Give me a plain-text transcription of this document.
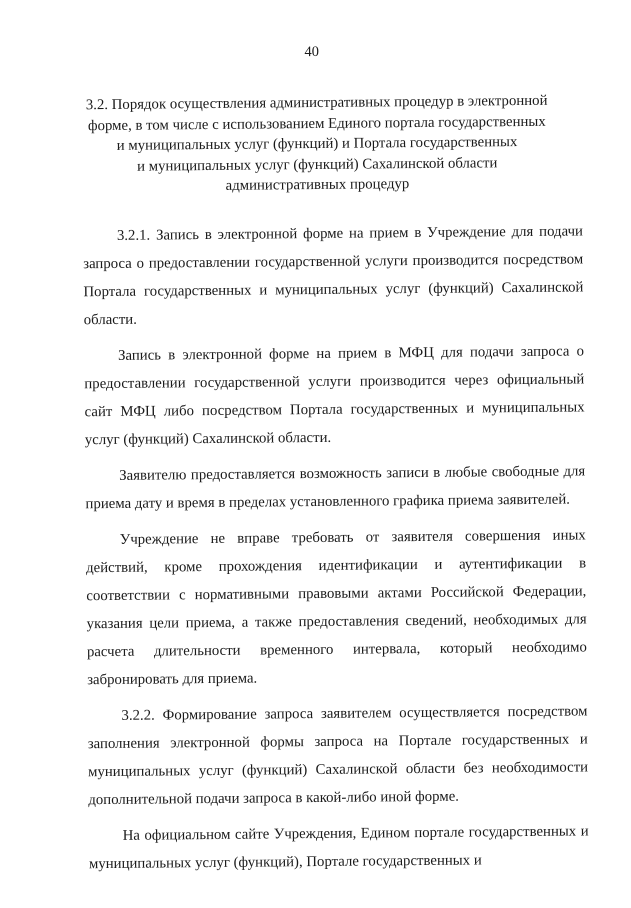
40
3.2. Порядок осуществления административных процедур в электронной
форме, в том числе с использованием Единого портала государственных
и муниципальных услуг (функций) и Портала государственных
и муниципальных услуг (функций) Сахалинской области
административных процедур

3.2.1. Запись в электронной форме на прием в Учреждение для подачи запроса о предоставлении государственной услуги производится посредством Портала государственных и муниципальных услуг (функций) Сахалинской области.

Запись в электронной форме на прием в МФЦ для подачи запроса о предоставлении государственной услуги производится через официальный сайт МФЦ либо посредством Портала государственных и муниципальных услуг (функций) Сахалинской области.

Заявителю предоставляется возможность записи в любые свободные для приема дату и время в пределах установленного графика приема заявителей.

Учреждение не вправе требовать от заявителя совершения иных действий, кроме прохождения идентификации и аутентификации в соответствии с нормативными правовыми актами Российской Федерации, указания цели приема, а также предоставления сведений, необходимых для расчета длительности временного интервала, который необходимо забронировать для приема.

3.2.2. Формирование запроса заявителем осуществляется посредством заполнения электронной формы запроса на Портале государственных и муниципальных услуг (функций) Сахалинской области без необходимости дополнительной подачи запроса в какой-либо иной форме.

На официальном сайте Учреждения, Едином портале государственных и муниципальных услуг (функций), Портале государственных и
